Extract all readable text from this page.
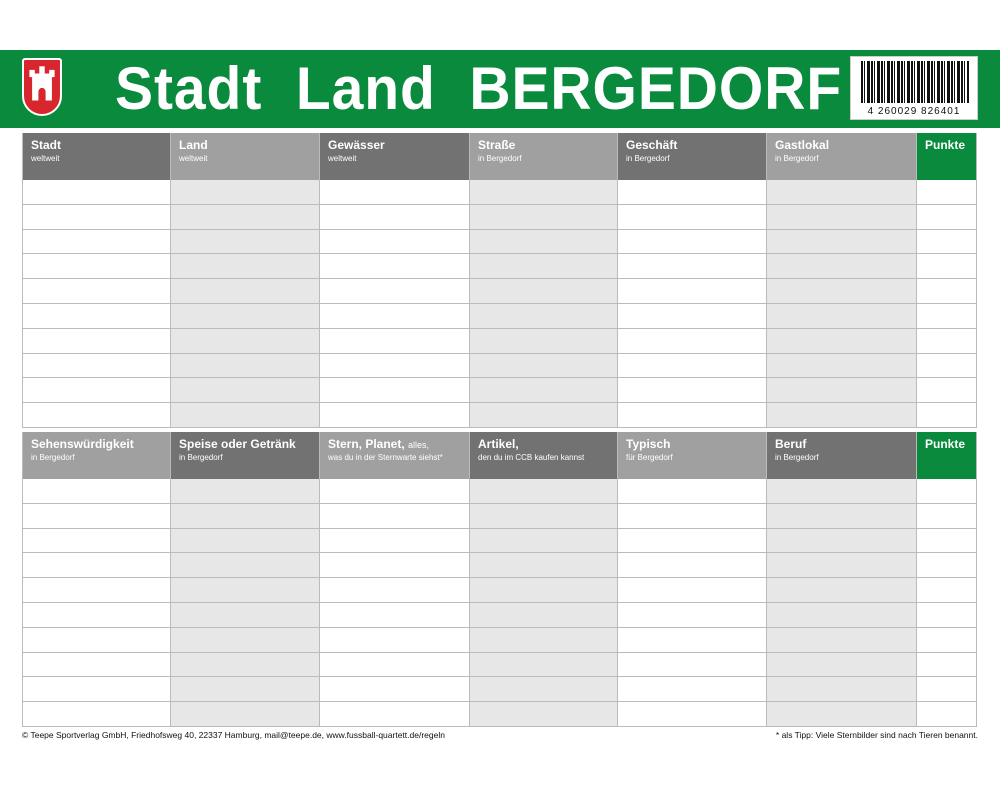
Stadt  Land  BERGEDORF	4 260029 826401
Stadt
weltweit
Land
weltweit
Gewässer
weltweit
Straße
in Bergedorf
Geschäft
in Bergedorf
Gastlokal
in Bergedorf
Punkte
Sehenswürdigkeit
in Bergedorf
Speise oder Getränk
in Bergedorf
Stern, Planet, alles,
was du in der Sternwarte siehst*
Artikel,
den du im CCB kaufen kannst
Typisch
für Bergedorf
Beruf
in Bergedorf
Punkte
© Teepe Sportverlag GmbH, Friedhofsweg 40, 22337 Hamburg, mail@teepe.de, www.fussball-quartett.de/regeln	* als Tipp: Viele Sternbilder sind nach Tieren benannt.
